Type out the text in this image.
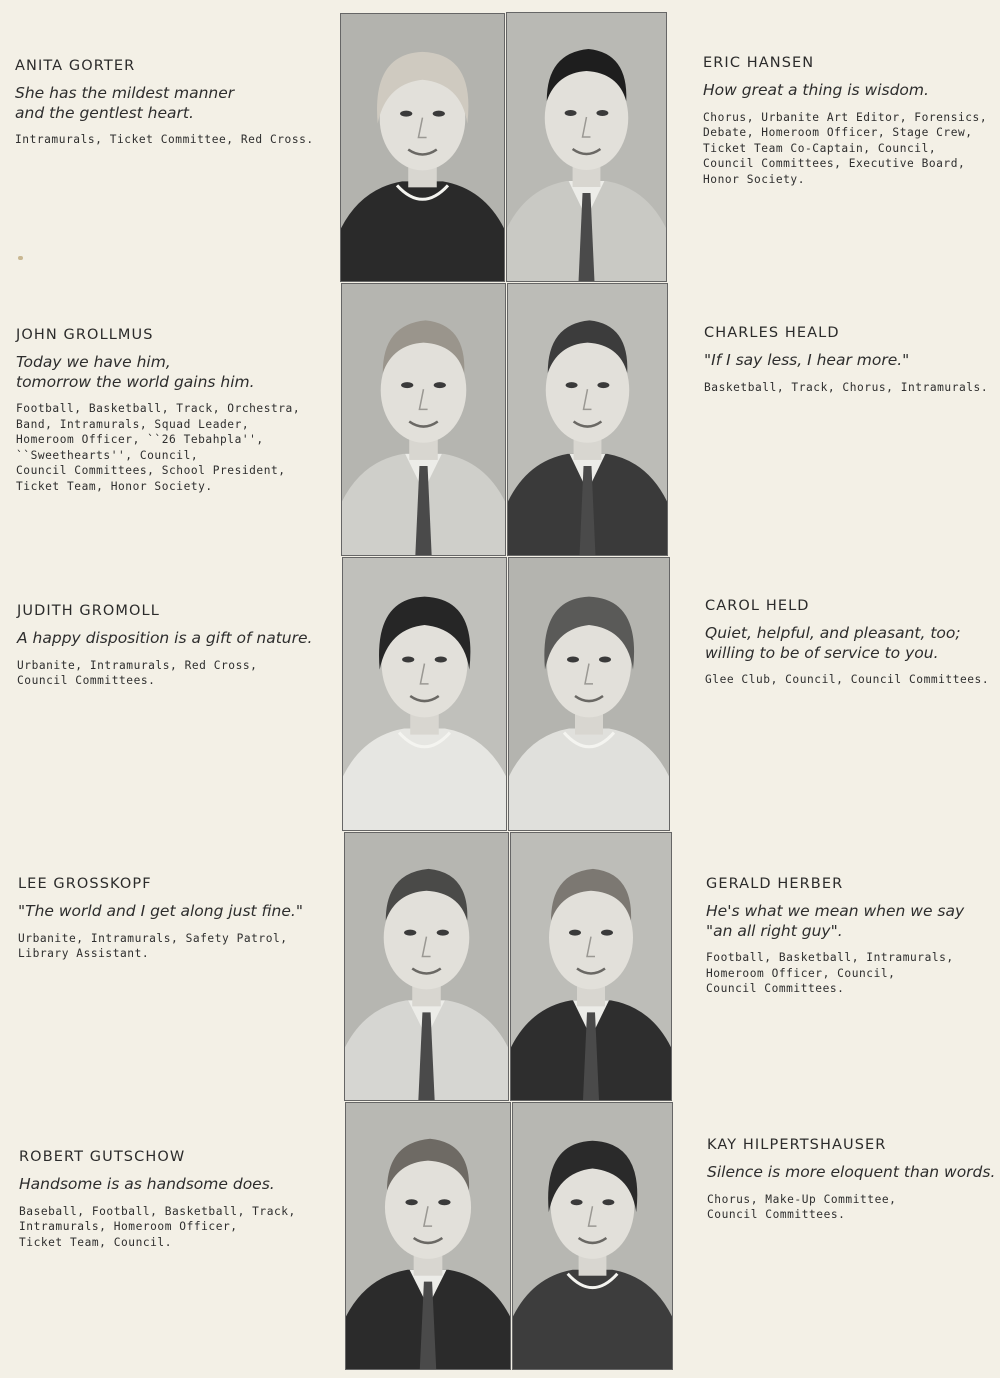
ANITA GORTER
She has the mildest manner
and the gentlest heart.
Intramurals, Ticket Committee, Red Cross.
JOHN GROLLMUS
Today we have him,
tomorrow the world gains him.
Football, Basketball, Track, Orchestra,
Band, Intramurals, Squad Leader,
Homeroom Officer, ``26 Tebahpla'',
``Sweethearts'', Council,
Council Committees, School President,
Ticket Team, Honor Society.
JUDITH GROMOLL
A happy disposition is a gift of nature.
Urbanite, Intramurals, Red Cross,
Council Committees.
LEE GROSSKOPF
"The world and I get along just fine."
Urbanite, Intramurals, Safety Patrol,
Library Assistant.
ROBERT GUTSCHOW
Handsome is as handsome does.
Baseball, Football, Basketball, Track,
Intramurals, Homeroom Officer,
Ticket Team, Council.
ERIC HANSEN
How great a thing is wisdom.
Chorus, Urbanite Art Editor, Forensics,
Debate, Homeroom Officer, Stage Crew,
Ticket Team Co-Captain, Council,
Council Committees, Executive Board,
Honor Society.
CHARLES HEALD
"If I say less, I hear more."
Basketball, Track, Chorus, Intramurals.
CAROL HELD
Quiet, helpful, and pleasant, too;
willing to be of service to you.
Glee Club, Council, Council Committees.
GERALD HERBER
He's what we mean when we say
"an all right guy".
Football, Basketball, Intramurals,
Homeroom Officer, Council,
Council Committees.
KAY HILPERTSHAUSER
Silence is more eloquent than words.
Chorus, Make-Up Committee,
Council Committees.
